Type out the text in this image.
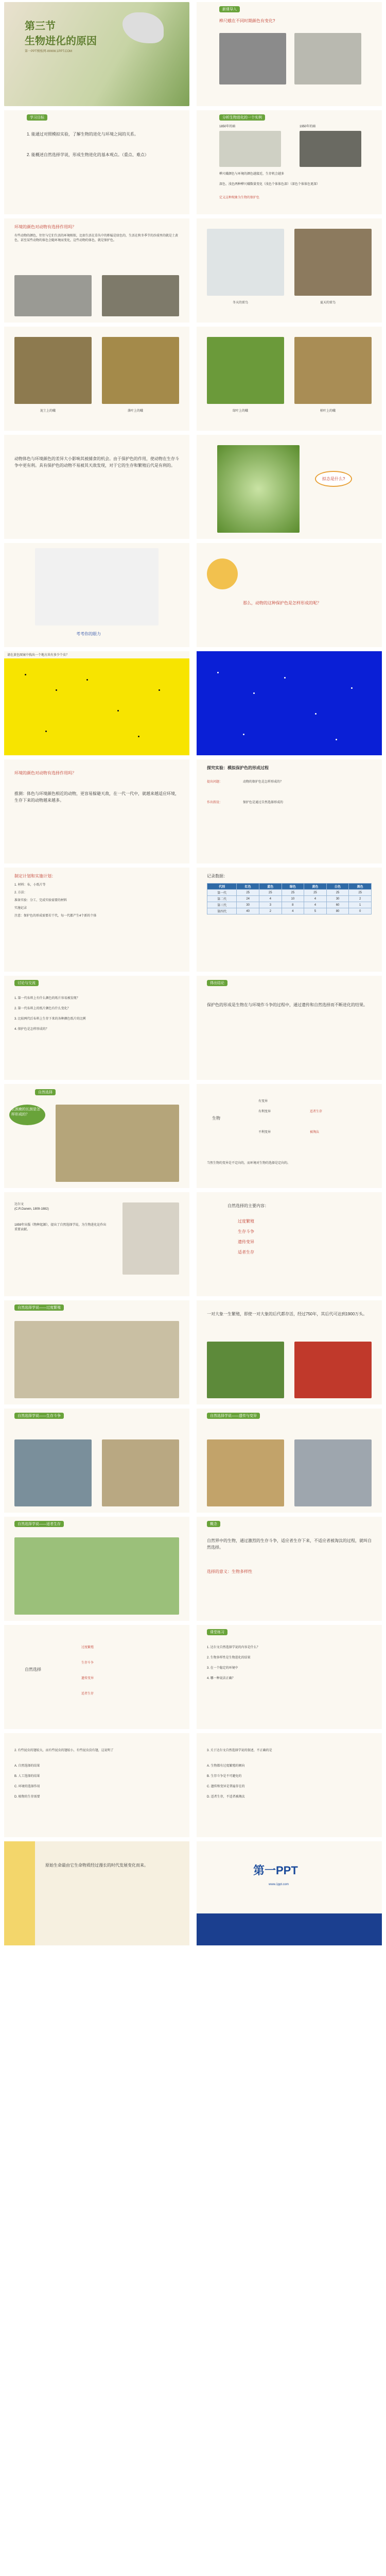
第三节
生物进化的原因
第一PPT模板网-WWW.1PPT.COM
新课导入
桦尺蛾在不同时期颜色有变化?
学习目标
1. 能通过对照模拟实验，了解生物的进化与环境之间的关系。
2. 能概述自然选择学说，形成生物进化的基本观点。（重点、难点）
分析生物进化的一个实例
1850年的暗	1950年的暗
桦尺蛾颜色与环境的颜色越接近，生存机会越多
深色、浅色两种桦尺蛾数量变化（浅色个体体色深）（深色个体体色更深）
定义这种现象为生物的保护色
环境的颜色对动物有选择作用吗？
有些动物的颜色，往往与它们生活的环境相似，比如生活在草丛中的蚱蜢是绿色的，生活在秋冬季节的沙漠里的就是土黄色，甚至某些动物的体色会随环境而变化，这些动物的体色，就是保护色。
冬天的雷鸟	夏天的雷鸟
泥土上的蛾	落叶上的蛾	绿叶上的蛾	枯叶上的蛾
动物体色与环境颜色的差异大小影响其被捕食的机会。由于保护色的作用，使动物在生存斗争中更有利。具有保护色的动物不易被其天敌发现，对于它的生存和繁殖后代是有利的。
拟态是什么?
考考你的眼力
那么，动物的这种保护色是怎样形成的呢？
请在黄色图案中找出一个地方共有多少个虫？
环境的颜色对动物有选择作用吗？
推测：体色与环境颜色相近的动物，更容易躲避天敌，在一代一代中，就越来越适应环境，生存下来的动物越来越多。
探究实验：模拟保护色的形成过程
提出问题：	动物的保护色是怎样形成的？
作出假设：	保护色是通过自然选择形成的
制定计划和实施计划：
1. 材料：布，小纸片等
2. 方法：
准备实验：分工、完成实验需要的材料
实施记录
注意：保护色的形成需要若干代，每一代都产生4个新的个体
记录数据：
代别	红色	蓝色	绿色	黄色	白色	黑色
第一代	25	25	25	25	25	25
第二代	24	4	10	4	30	2
第三代	30	3	8	4	60	1
第四代	40	2	4	5	80	0
讨论与交流
1. 第一代布料上有什么颜色的纸片容易被发现？
2. 第一代布料上的纸片颜色有什么变化？
3. 比较两代后布料上生存下来的各种颜色纸片的比例
4. 保护色是怎样形成的？
得出结论
保护色的形成是生物在与环境作斗争的过程中，通过遗传和自然选择而不断进化的结果。
自然选择
长颈鹿的长颈是怎样形成的？
生物
有变异
有利变异
不利变异	被淘汰
适者生存
当然生物的变异是不定向的，而环境对生物的选择是定向的。
达尔文
(C.R.Darwin, 1809-1882)
1859年出版《物种起源》，提出了自然选择学说，为生物进化论作出重要贡献。
自然选择的主要内容：
过度繁殖
生存斗争
遗传变异
适者生存
自然选择学说——过度繁殖
一对大象一生繁殖，即使一对大象的后代都存活，经过750年，其后代可达到1900万头。
自然选择学说——生存斗争	自然选择学说——遗传与变异
自然选择学说——适者生存	概念
自然界中的生物，通过激烈的生存斗争，适应者生存下来，不适应者被淘汰的过程，就叫自然选择。
选择的意义：生物多样性
自然选择
过度繁殖
生存斗争
遗传变异
适者生存
课堂练习
1. 达尔文自然选择学说的内容是什么？
2. 生物多样性是生物进化的结果
3. 在一个稳定的环境中
4. 哪一种说法正确？
2. 有些昆虫的翅较大，而有些昆虫的翅较小，有些昆虫没有翅，这说明了
A. 自然选择的结果
B. 人工选择的结果
C. 环境的选择作用
D. 植物的生存需要
3. 关于达尔文自然选择学说的叙述，不正确的是
A. 生物都有过度繁殖的倾向
B. 生存斗争是不可避免的
C. 遗传和变异是普遍存在的
D. 适者生存，不适者被淘汰
原始生命最由它生命物质经过漫长的时代发展变化而来。	第一PPT
www.1ppt.com
